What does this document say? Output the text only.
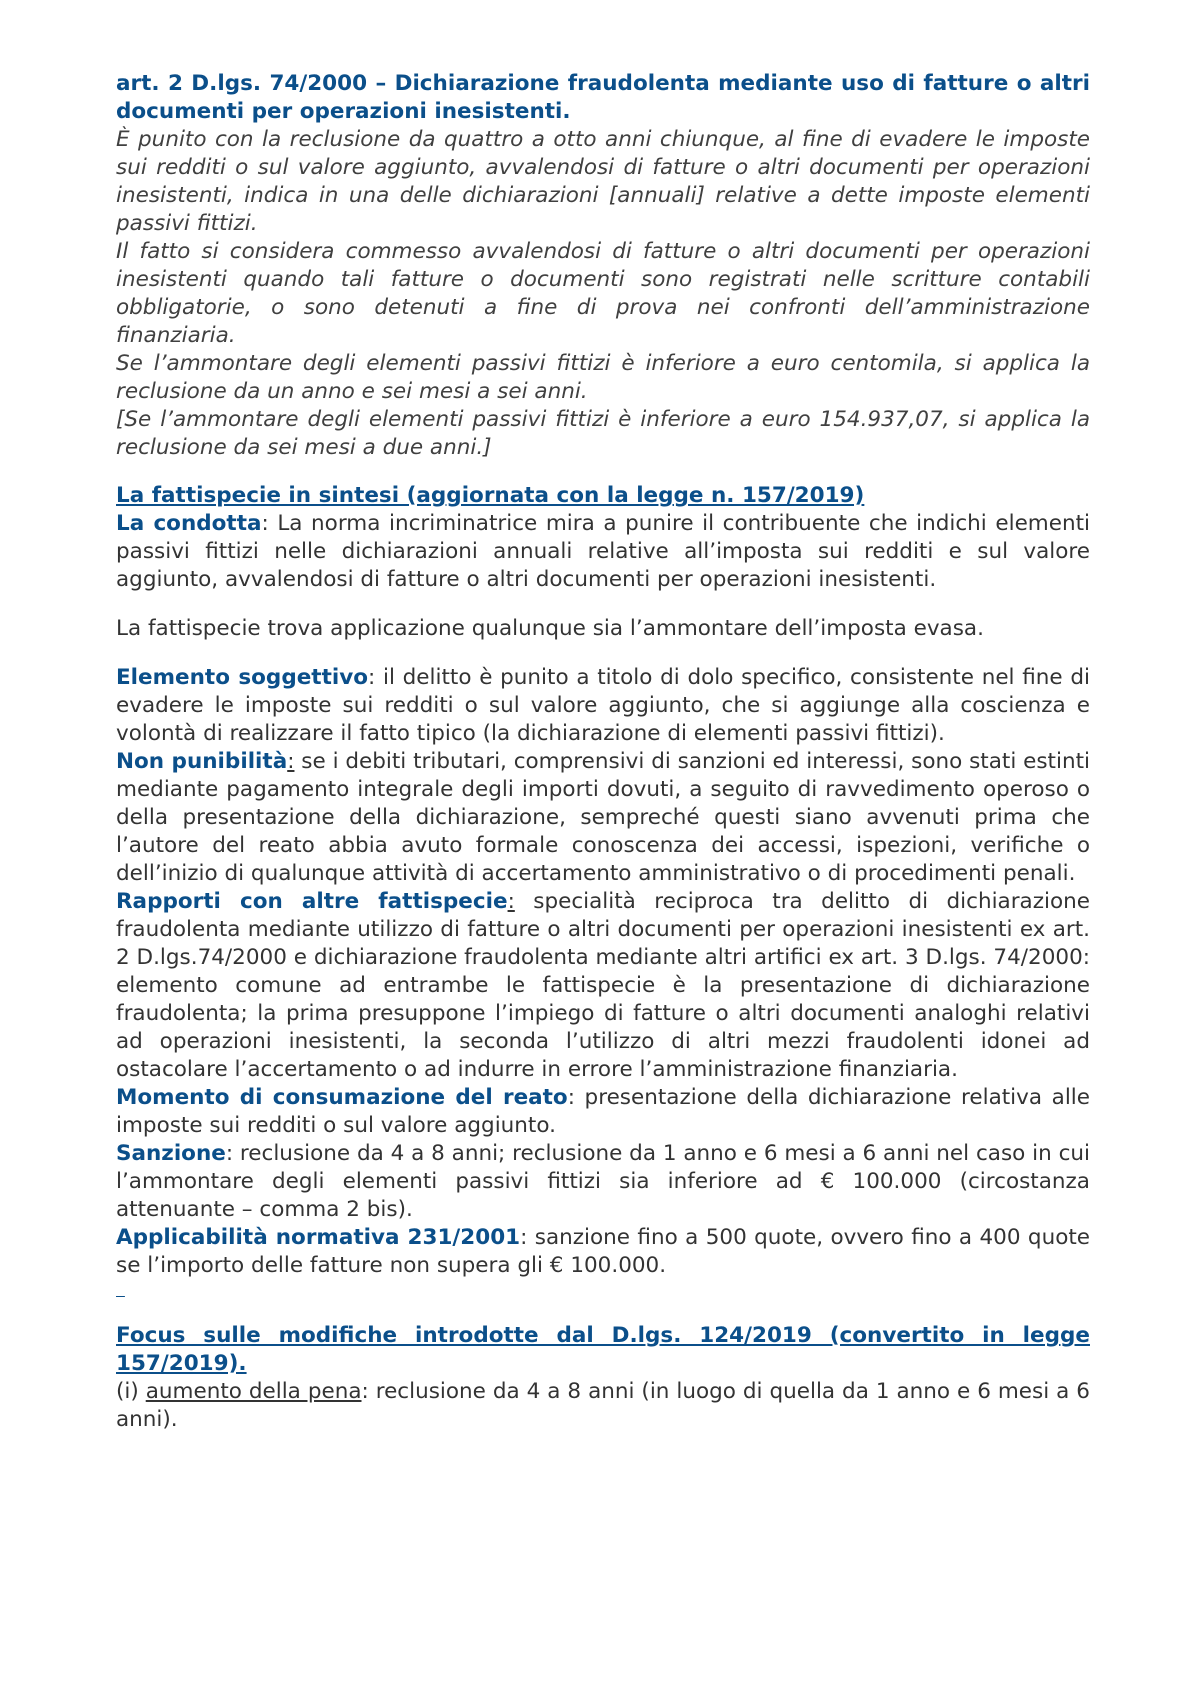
art. 2 D.lgs. 74/2000 – Dichiarazione fraudolenta mediante uso di fatture o altri documenti per operazioni inesistenti.

È punito con la reclusione da quattro a otto anni chiunque, al fine di evadere le imposte sui redditi o sul valore aggiunto, avvalendosi di fatture o altri documenti per operazioni inesistenti, indica in una delle dichiarazioni [annuali] relative a dette imposte elementi passivi fittizi.

Il fatto si considera commesso avvalendosi di fatture o altri documenti per operazioni inesistenti quando tali fatture o documenti sono registrati nelle scritture contabili obbligatorie, o sono detenuti a fine di prova nei confronti dell’amministrazione finanziaria.

Se l’ammontare degli elementi passivi fittizi è inferiore a euro centomila, si applica la reclusione da un anno e sei mesi a sei anni.

[Se l’ammontare degli elementi passivi fittizi è inferiore a euro 154.937,07, si applica la reclusione da sei mesi a due anni.]

La fattispecie in sintesi (aggiornata con la legge n. 157/2019)

La condotta: La norma incriminatrice mira a punire il contribuente che indichi elementi passivi fittizi nelle dichiarazioni annuali relative all’imposta sui redditi e sul valore aggiunto, avvalendosi di fatture o altri documenti per operazioni inesistenti.

La fattispecie trova applicazione qualunque sia l’ammontare dell’imposta evasa.

Elemento soggettivo: il delitto è punito a titolo di dolo specifico, consistente nel fine di evadere le imposte sui redditi o sul valore aggiunto, che si aggiunge alla coscienza e volontà di realizzare il fatto tipico (la dichiarazione di elementi passivi fittizi).

Non punibilità: se i debiti tributari, comprensivi di sanzioni ed interessi, sono stati estinti mediante pagamento integrale degli importi dovuti, a seguito di ravvedimento operoso o della presentazione della dichiarazione, sempreché questi siano avvenuti prima che l’autore del reato abbia avuto formale conoscenza dei accessi, ispezioni, verifiche o dell’inizio di qualunque attività di accertamento amministrativo o di procedimenti penali.

Rapporti con altre fattispecie: specialità reciproca tra delitto di dichiarazione fraudolenta mediante utilizzo di fatture o altri documenti per operazioni inesistenti ex art. 2 D.lgs.74/2000 e dichiarazione fraudolenta mediante altri artifici ex art. 3 D.lgs. 74/2000: elemento comune ad entrambe le fattispecie è la presentazione di dichiarazione fraudolenta; la prima presuppone l’impiego di fatture o altri documenti analoghi relativi ad operazioni inesistenti, la seconda l’utilizzo di altri mezzi fraudolenti idonei ad ostacolare l’accertamento o ad indurre in errore l’amministrazione finanziaria.

Momento di consumazione del reato: presentazione della dichiarazione relativa alle imposte sui redditi o sul valore aggiunto.

Sanzione: reclusione da 4 a 8 anni; reclusione da 1 anno e 6 mesi a 6 anni nel caso in cui l’ammontare degli elementi passivi fittizi sia inferiore ad € 100.000 (circostanza attenuante – comma 2 bis).

Applicabilità normativa 231/2001: sanzione fino a 500 quote, ovvero fino a 400 quote se l’importo delle fatture non supera gli € 100.000.

Focus sulle modifiche introdotte dal D.lgs. 124/2019 (convertito in legge 157/2019).

(i) aumento della pena: reclusione da 4 a 8 anni (in luogo di quella da 1 anno e 6 mesi a 6 anni).
